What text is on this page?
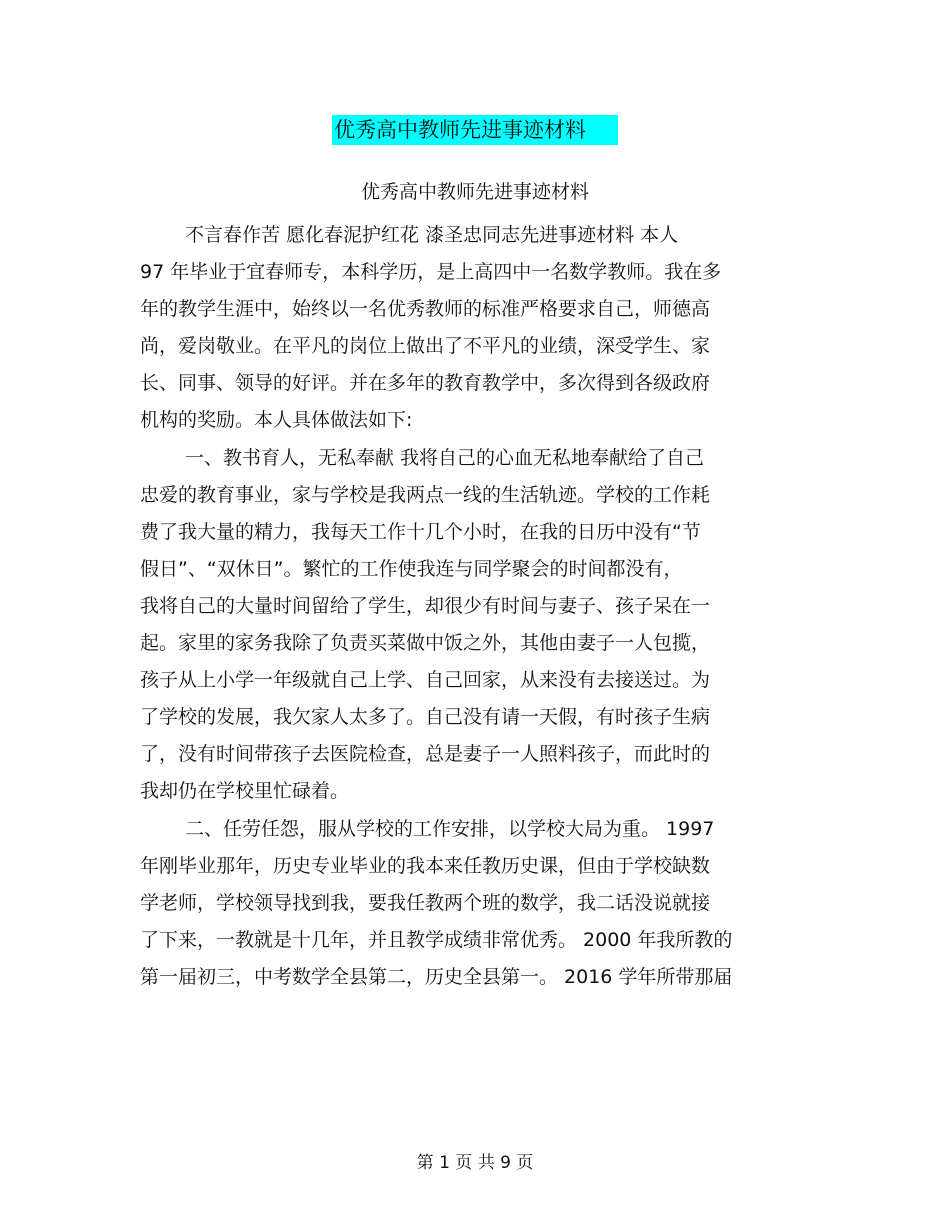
优秀高中教师先进事迹材料
优秀高中教师先进事迹材料
不言春作苦 愿化春泥护红花 漆圣忠同志先进事迹材料 本人
97 年毕业于宜春师专，本科学历，是上高四中一名数学教师。我在多
年的教学生涯中，始终以一名优秀教师的标准严格要求自己，师德高
尚，爱岗敬业。在平凡的岗位上做出了不平凡的业绩，深受学生、家
长、同事、领导的好评。并在多年的教育教学中，多次得到各级政府
机构的奖励。本人具体做法如下:
一、教书育人，无私奉献 我将自己的心血无私地奉献给了自己
忠爱的教育事业，家与学校是我两点一线的生活轨迹。学校的工作耗
费了我大量的精力，我每天工作十几个小时，在我的日历中没有“节
假日”、“双休日”。繁忙的工作使我连与同学聚会的时间都没有，
我将自己的大量时间留给了学生，却很少有时间与妻子、孩子呆在一
起。家里的家务我除了负责买菜做中饭之外，其他由妻子一人包揽，
孩子从上小学一年级就自己上学、自己回家，从来没有去接送过。为
了学校的发展，我欠家人太多了。自己没有请一天假，有时孩子生病
了，没有时间带孩子去医院检查，总是妻子一人照料孩子，而此时的
我却仍在学校里忙碌着。
二、任劳任怨，服从学校的工作安排，以学校大局为重。 1997
年刚毕业那年，历史专业毕业的我本来任教历史课，但由于学校缺数
学老师，学校领导找到我，要我任教两个班的数学，我二话没说就接
了下来，一教就是十几年，并且教学成绩非常优秀。 2000 年我所教的
第一届初三，中考数学全县第二，历史全县第一。 2016 学年所带那届
第 1 页 共 9 页
